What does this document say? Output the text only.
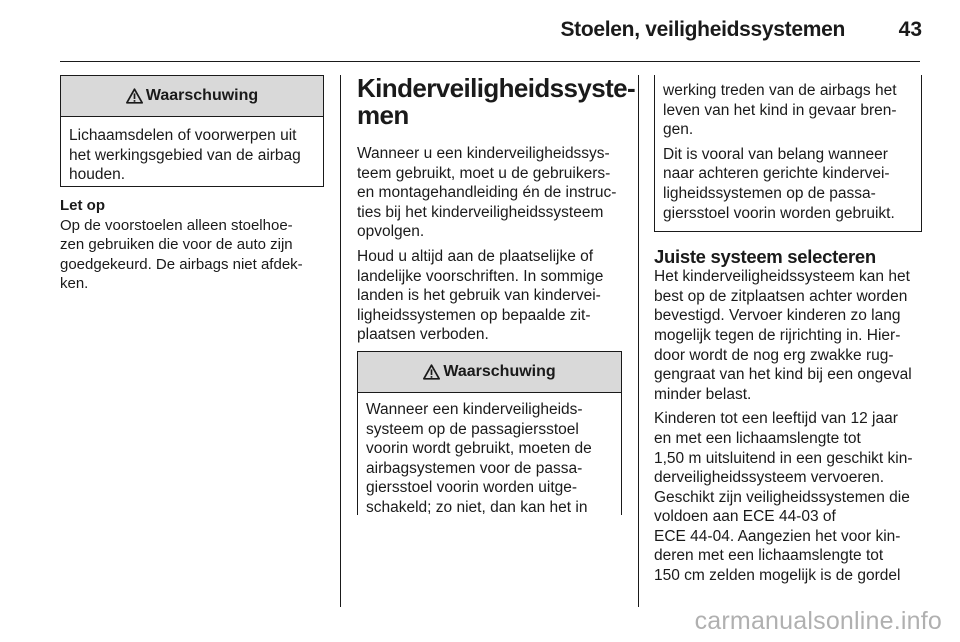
Stoelen, veiligheidssystemen	43
Waarschuwing
Lichaamsdelen of voorwerpen uit
het werkingsgebied van de airbag
houden.
Let op
Op de voorstoelen alleen stoelhoe-
zen gebruiken die voor de auto zijn
goedgekeurd. De airbags niet afdek-
ken.
Kinderveiligheidssyste-
men
Wanneer u een kinderveiligheidssys-
teem gebruikt, moet u de gebruikers-
en montagehandleiding én de instruc-
ties bij het kinderveiligheidssysteem
opvolgen.
Houd u altijd aan de plaatselijke of
landelijke voorschriften. In sommige
landen is het gebruik van kindervei-
ligheidssystemen op bepaalde zit-
plaatsen verboden.
Waarschuwing
Wanneer een kinderveiligheids-
systeem op de passagiersstoel
voorin wordt gebruikt, moeten de
airbagsystemen voor de passa-
giersstoel voorin worden uitge-
schakeld; zo niet, dan kan het in
werking treden van de airbags het
leven van het kind in gevaar bren-
gen.
Dit is vooral van belang wanneer
naar achteren gerichte kindervei-
ligheidssystemen op de passa-
giersstoel voorin worden gebruikt.
Juiste systeem selecteren
Het kinderveiligheidssysteem kan het
best op de zitplaatsen achter worden
bevestigd. Vervoer kinderen zo lang
mogelijk tegen de rijrichting in. Hier-
door wordt de nog erg zwakke rug-
gengraat van het kind bij een ongeval
minder belast.
Kinderen tot een leeftijd van 12 jaar
en met een lichaamslengte tot
1,50 m uitsluitend in een geschikt kin-
derveiligheidssysteem vervoeren.
Geschikt zijn veiligheidssystemen die
voldoen aan ECE 44-03 of
ECE 44-04. Aangezien het voor kin-
deren met een lichaamslengte tot
150 cm zelden mogelijk is de gordel
carmanualsonline.info
